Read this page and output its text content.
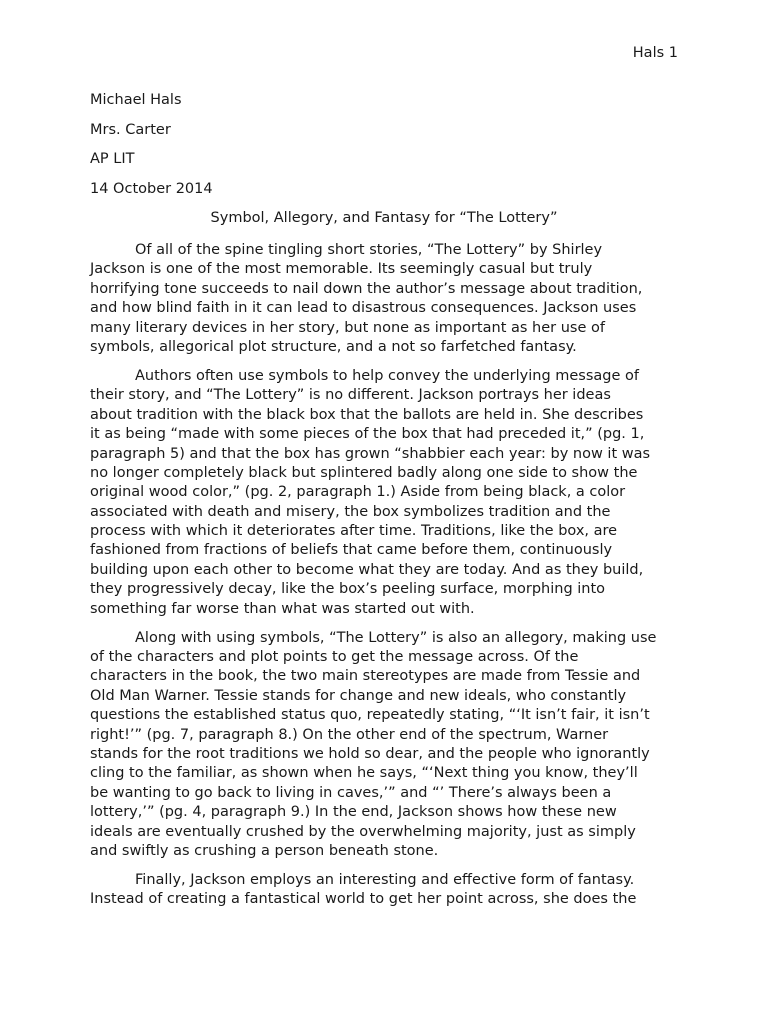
Hals 1
Michael Hals
Mrs. Carter
AP LIT
14 October 2014
Symbol, Allegory, and Fantasy for “The Lottery”
Of all of the spine tingling short stories, “The Lottery” by Shirley
Jackson is one of the most memorable. Its seemingly casual but truly
horrifying tone succeeds to nail down the author’s message about tradition,
and how blind faith in it can lead to disastrous consequences. Jackson uses
many literary devices in her story, but none as important as her use of
symbols, allegorical plot structure, and a not so farfetched fantasy.
Authors often use symbols to help convey the underlying message of
their story, and “The Lottery” is no different. Jackson portrays her ideas
about tradition with the black box that the ballots are held in. She describes
it as being “made with some pieces of the box that had preceded it,” (pg. 1,
paragraph 5) and that the box has grown “shabbier each year: by now it was
no longer completely black but splintered badly along one side to show the
original wood color,” (pg. 2, paragraph 1.) Aside from being black, a color
associated with death and misery, the box symbolizes tradition and the
process with which it deteriorates after time. Traditions, like the box, are
fashioned from fractions of beliefs that came before them, continuously
building upon each other to become what they are today. And as they build,
they progressively decay, like the box’s peeling surface, morphing into
something far worse than what was started out with.
Along with using symbols, “The Lottery” is also an allegory, making use
of the characters and plot points to get the message across. Of the
characters in the book, the two main stereotypes are made from Tessie and
Old Man Warner. Tessie stands for change and new ideals, who constantly
questions the established status quo, repeatedly stating, “‘It isn’t fair, it isn’t
right!’” (pg. 7, paragraph 8.) On the other end of the spectrum, Warner
stands for the root traditions we hold so dear, and the people who ignorantly
cling to the familiar, as shown when he says, “‘Next thing you know, they’ll
be wanting to go back to living in caves,’” and “’ There’s always been a
lottery,’” (pg. 4, paragraph 9.) In the end, Jackson shows how these new
ideals are eventually crushed by the overwhelming majority, just as simply
and swiftly as crushing a person beneath stone.
Finally, Jackson employs an interesting and effective form of fantasy.
Instead of creating a fantastical world to get her point across, she does the
